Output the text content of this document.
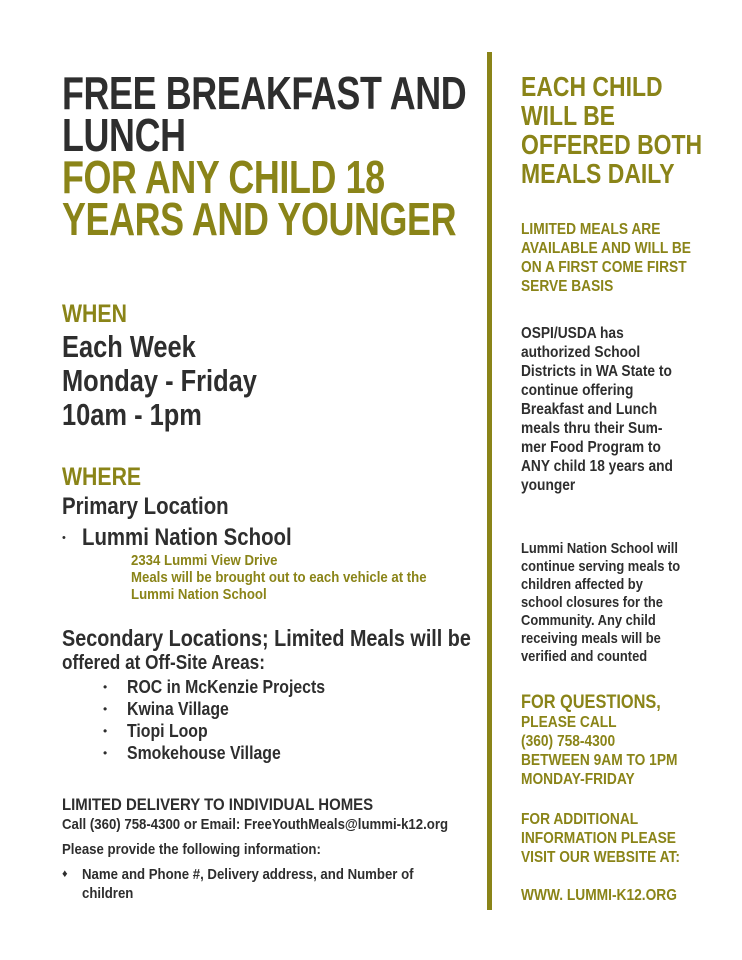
FREE BREAKFAST AND
LUNCH
FOR ANY CHILD 18
YEARS AND YOUNGER
WHEN
Each Week
Monday - Friday
10am - 1pm
WHERE
Primary Location
• Lummi Nation School
2334 Lummi View Drive
Meals will be brought out to each vehicle at the
Lummi Nation School
Secondary Locations; Limited Meals will be
offered at Off-Site Areas:
• ROC in McKenzie Projects
• Kwina Village
• Tiopi Loop
• Smokehouse Village
LIMITED DELIVERY TO INDIVIDUAL HOMES
Call (360) 758-4300 or Email: FreeYouthMeals@lummi-k12.org
Please provide the following information:
♦ Name and Phone #, Delivery address, and Number of
children
EACH CHILD
WILL BE
OFFERED BOTH
MEALS DAILY
LIMITED MEALS ARE
AVAILABLE AND WILL BE
ON A FIRST COME FIRST
SERVE BASIS
OSPI/USDA has
authorized School
Districts in WA State to
continue offering
Breakfast and Lunch
meals thru their Sum-
mer Food Program to
ANY child 18 years and
younger
Lummi Nation School will
continue serving meals to
children affected by
school closures for the
Community. Any child
receiving meals will be
verified and counted
FOR QUESTIONS,
PLEASE CALL
(360) 758-4300
BETWEEN 9AM TO 1PM
MONDAY-FRIDAY
FOR ADDITIONAL
INFORMATION PLEASE
VISIT OUR WEBSITE AT:
WWW. LUMMI-K12.ORG
